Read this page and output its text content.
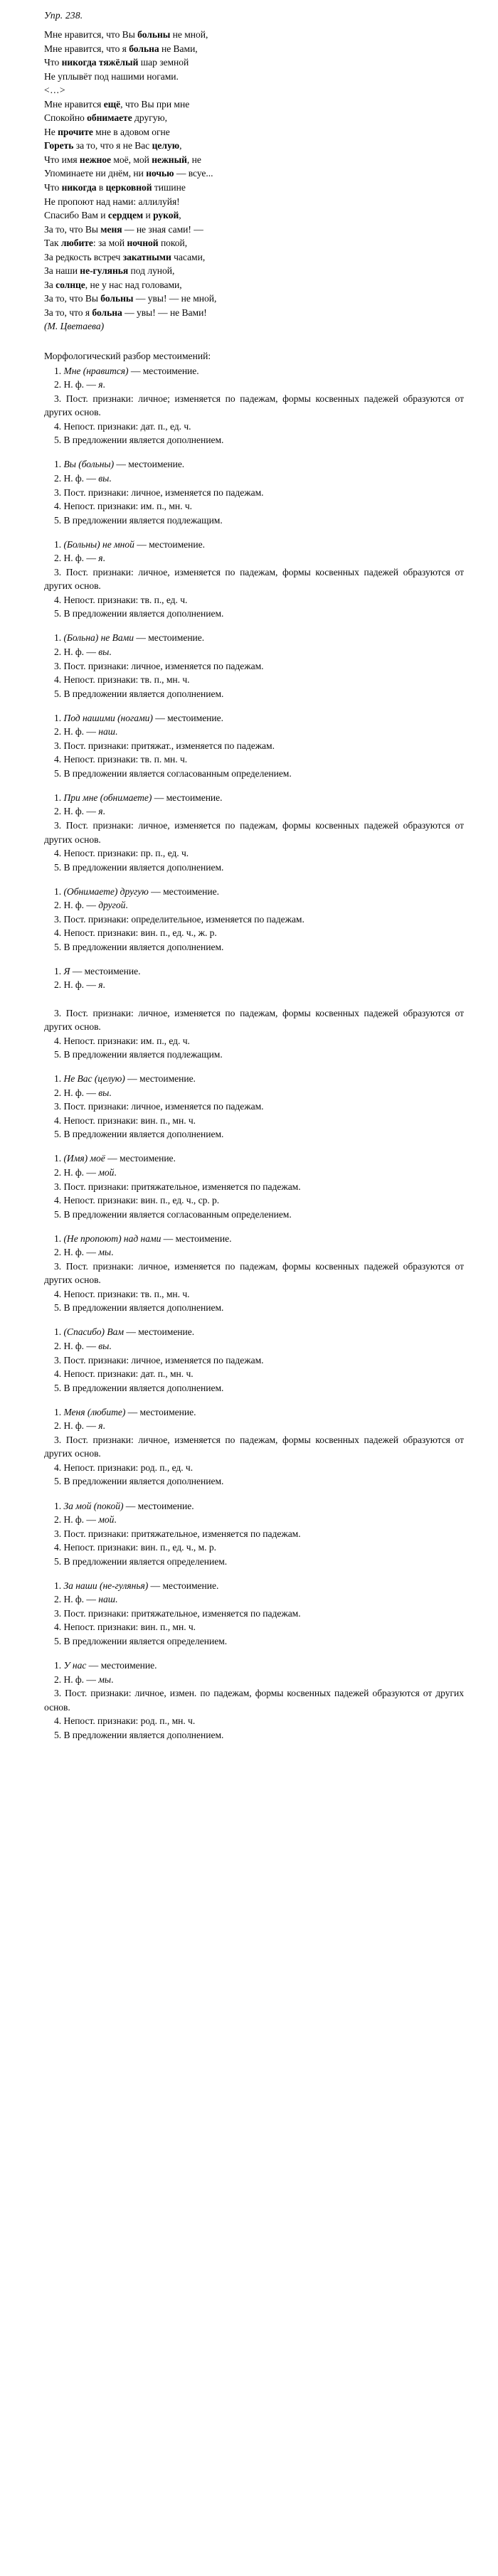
Упр. 238.
Мне нравится, что Вы больны не мной,
Мне нравится, что я больна не Вами,
Что никогда тяжёлый шар земной
Не уплывёт под нашими ногами.
<...>
Мне нравится ещё, что Вы при мне
Спокойно обнимаете другую,
Не прочите мне в адовом огне
Гореть за то, что я не Вас целую,
Что имя нежное моё, мой нежный, не
Упоминаете ни днём, ни ночью — всуе...
Что никогда в церковной тишине
Не пропоют над нами: аллилуйя!
Спасибо Вам и сердцем и рукой,
За то, что Вы меня — не зная сами! —
Так любите: за мой ночной покой,
За редкость встреч закатными часами,
За наши не-гулянья под луной,
За солнце, не у нас над головами,
За то, что Вы больны — увы! — не мной,
За то, что я больна — увы! — не Вами!
(М. Цветаева)
Морфологический разбор местоимений:
1. Мне (нравится) — местоимение.
2. Н. ф. — я.
3. Пост. признаки: личное; изменяется по падежам, формы косвенных падежей образуются от других основ.
4. Непост. признаки: дат. п., ед. ч.
5. В предложении является дополнением.
1. Вы (больны) — местоимение.
2. Н. ф. — вы.
3. Пост. признаки: личное, изменяется по падежам.
4. Непост. признаки: им. п., мн. ч.
5. В предложении является подлежащим.
1. (Больны) не мной — местоимение.
2. Н. ф. — я.
3. Пост. признаки: личное, изменяется по падежам, формы косвенных падежей образуются от других основ.
4. Непост. признаки: тв. п., ед. ч.
5. В предложении является дополнением.
1. (Больна) не Вами — местоимение.
2. Н. ф. — вы.
3. Пост. признаки: личное, изменяется по падежам.
4. Непост. признаки: тв. п., мн. ч.
5. В предложении является дополнением.
1. Под нашими (ногами) — местоимение.
2. Н. ф. — наш.
3. Пост. признаки: притяжат., изменяется по падежам.
4. Непост. признаки: тв. п. мн. ч.
5. В предложении является согласованным определением.
1. При мне (обнимаете) — местоимение.
2. Н. ф. — я.
3. Пост. признаки: личное, изменяется по падежам, формы косвенных падежей образуются от других основ.
4. Непост. признаки: пр. п., ед. ч.
5. В предложении является дополнением.
1. (Обнимаете) другую — местоимение.
2. Н. ф. — другой.
3. Пост. признаки: определительное, изменяется по падежам.
4. Непост. признаки: вин. п., ед. ч., ж. р.
5. В предложении является дополнением.
1. Я — местоимение.
2. Н. ф. — я.
3. Пост. признаки: личное, изменяется по падежам, формы косвенных падежей образуются от других основ.
4. Непост. признаки: им. п., ед. ч.
5. В предложении является подлежащим.
1. Не Вас (целую) — местоимение.
2. Н. ф. — вы.
3. Пост. признаки: личное, изменяется по падежам.
4. Непост. признаки: вин. п., мн. ч.
5. В предложении является дополнением.
1. (Имя) моё — местоимение.
2. Н. ф. — мой.
3. Пост. признаки: притяжательное, изменяется по падежам.
4. Непост. признаки: вин. п., ед. ч., ср. р.
5. В предложении является согласованным определением.
1. (Не пропоют) над нами — местоимение.
2. Н. ф. — мы.
3. Пост. признаки: личное, изменяется по падежам, формы косвенных падежей образуются от других основ.
4. Непост. признаки: тв. п., мн. ч.
5. В предложении является дополнением.
1. (Спасибо) Вам — местоимение.
2. Н. ф. — вы.
3. Пост. признаки: личное, изменяется по падежам.
4. Непост. признаки: дат. п., мн. ч.
5. В предложении является дополнением.
1. Меня (любите) — местоимение.
2. Н. ф. — я.
3. Пост. признаки: личное, изменяется по падежам, формы косвенных падежей образуются от других основ.
4. Непост. признаки: род. п., ед. ч.
5. В предложении является дополнением.
1. За мой (покой) — местоимение.
2. Н. ф. — мой.
3. Пост. признаки: притяжательное, изменяется по падежам.
4. Непост. признаки: вин. п., ед. ч., м. р.
5. В предложении является определением.
1. За наши (не-гулянья) — местоимение.
2. Н. ф. — наш.
3. Пост. признаки: притяжательное, изменяется по падежам.
4. Непост. признаки: вин. п., мн. ч.
5. В предложении является определением.
1. У нас — местоимение.
2. Н. ф. — мы.
3. Пост. признаки: личное, измен. по падежам, формы косвенных падежей образуются от других основ.
4. Непост. признаки: род. п., мн. ч.
5. В предложении является дополнением.
